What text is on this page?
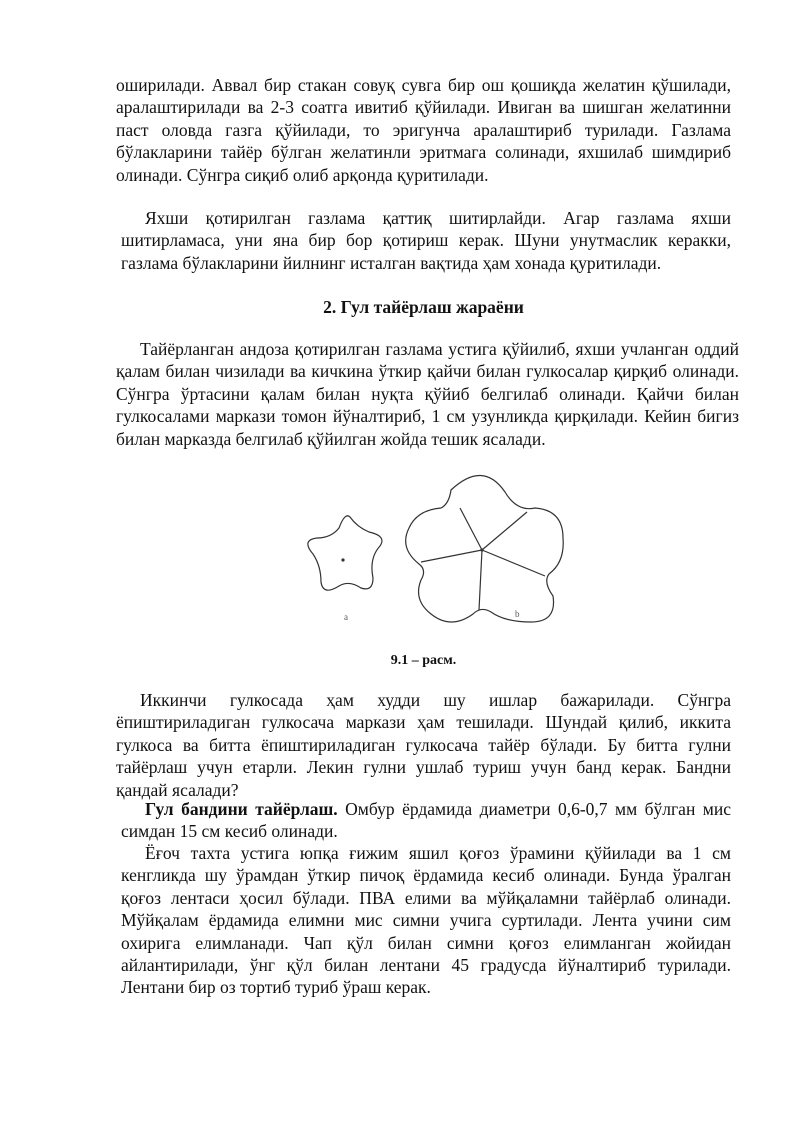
оширилади. Аввал бир стакан совуқ сувга бир ош қошиқда желатин қўшилади, аралаштирилади ва 2-3 соатга ивитиб қўйилади. Ивиган ва шишган желатинни паст оловда газга қўйилади, то эригунча аралаштириб турилади. Газлама бўлакларини тайёр бўлган желатинли эритмага солинади, яхшилаб шимдириб олинади. Сўнгра сиқиб олиб арқонда қуритилади.
Яхши қотирилган газлама қаттиқ шитирлайди. Агар газлама яхши шитирламаса, уни яна бир бор қотириш керак. Шуни унутмаслик керакки, газлама бўлакларини йилнинг исталган вақтида ҳам хонада қуритилади.
2. Гул тайёрлаш жараёни
Тайёрланган андоза қотирилган газлама устига қўйилиб, яхши учланган оддий қалам билан чизилади ва кичкина ўткир қайчи билан гулкосалар қирқиб олинади. Сўнгра ўртасини қалам билан нуқта қўйиб белгилаб олинади. Қайчи билан гулкосалами маркази томон йўналтириб, 1 см узунликда қирқилади. Кейин бигиз билан марказда белгилаб қўйилган жойда тешик ясалади.
a	b
9.1 – расм.
Иккинчи гулкосада ҳам худди шу ишлар бажарилади. Сўнгра ёпиштириладиган гулкосача маркази ҳам тешилади. Шундай қилиб, иккита гулкоса ва битта ёпиштириладиган гулкосача тайёр бўлади. Бу битта гулни тайёрлаш учун етарли. Лекин гулни ушлаб туриш учун банд керак. Бандни қандай ясалади?
Гул бандини тайёрлаш. Омбур ёрдамида диаметри 0,6-0,7 мм бўлган мис симдан 15 см кесиб олинади.
Ёғоч тахта устига юпқа ғижим яшил қоғоз ўрамини қўйилади ва 1 см кенгликда шу ўрамдан ўткир пичоқ ёрдамида кесиб олинади. Бунда ўралган қоғоз лентаси ҳосил бўлади. ПВА елими ва мўйқаламни тайёрлаб олинади. Мўйқалам ёрдамида елимни мис симни учига суртилади. Лента учини сим охирига елимланади. Чап қўл билан симни қоғоз елимланган жойидан айлантирилади, ўнг қўл билан лентани 45 градусда йўналтириб турилади. Лентани бир оз тортиб туриб ўраш керак.
